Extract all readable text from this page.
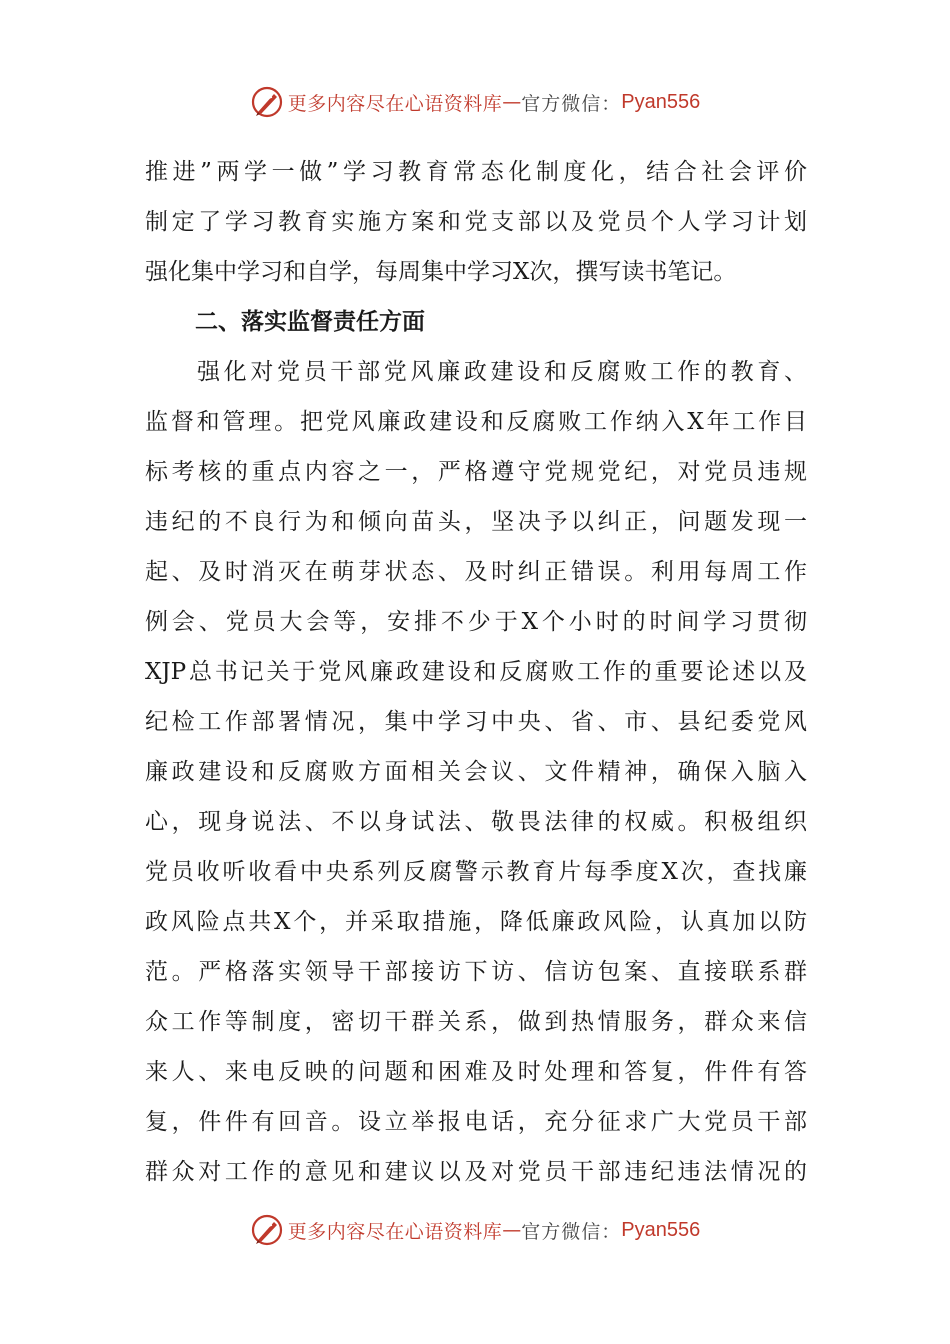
更多内容尽在心语资料库 — 官方微信： Pyan556
推进”两学一做”学习教育常态化制度化，结合社会评价
制定了学习教育实施方案和党支部以及党员个人学习计划
强化集中学习和自学，每周集中学习X次，撰写读书笔记。
二、落实监督责任方面
强化对党员干部党风廉政建设和反腐败工作的教育、
监督和管理。把党风廉政建设和反腐败工作纳入X年工作目
标考核的重点内容之一，严格遵守党规党纪，对党员违规
违纪的不良行为和倾向苗头，坚决予以纠正，问题发现一
起、及时消灭在萌芽状态、及时纠正错误。利用每周工作
例会、党员大会等，安排不少于X个小时的时间学习贯彻
XJP总书记关于党风廉政建设和反腐败工作的重要论述以及
纪检工作部署情况，集中学习中央、省、市、县纪委党风
廉政建设和反腐败方面相关会议、文件精神，确保入脑入
心，现身说法、不以身试法、敬畏法律的权威。积极组织
党员收听收看中央系列反腐警示教育片每季度X次，查找廉
政风险点共X个，并采取措施，降低廉政风险，认真加以防
范。严格落实领导干部接访下访、信访包案、直接联系群
众工作等制度，密切干群关系，做到热情服务，群众来信
来人、来电反映的问题和困难及时处理和答复，件件有答
复，件件有回音。设立举报电话，充分征求广大党员干部
群众对工作的意见和建议以及对党员干部违纪违法情况的
更多内容尽在心语资料库 — 官方微信： Pyan556
